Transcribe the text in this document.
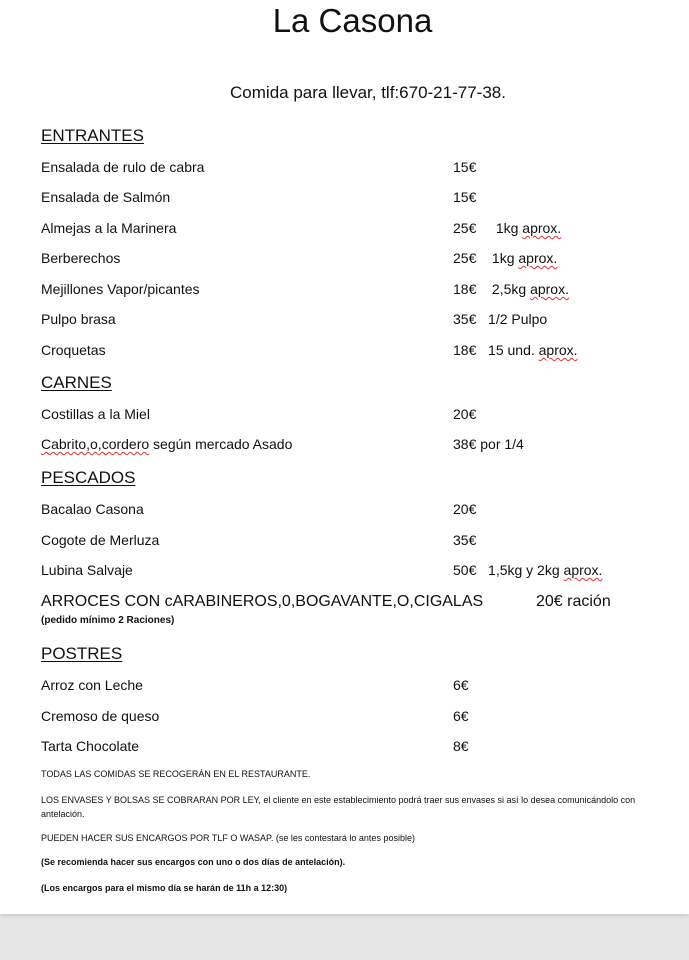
La Casona
Comida para llevar, tlf:670-21-77-38.
ENTRANTES
Ensalada de rulo de cabra	15€
Ensalada de Salmón	15€
Almejas a la Marinera	25€ 1kg aprox.
Berberechos	25€ 1kg aprox.
Mejillones Vapor/picantes	18€ 2,5kg aprox.
Pulpo brasa	35€ 1/2 Pulpo
Croquetas	18€ 15 und. aprox.
CARNES
Costillas a la Miel	20€
Cabrito,o,cordero según mercado Asado	38€ por 1/4
PESCADOS
Bacalao Casona	20€
Cogote de Merluza	35€
Lubina Salvaje	50€ 1,5kg y 2kg aprox.
ARROCES CON cARABINEROS,0,BOGAVANTE,O,CIGALAS	20€ ración
(pedido mínimo 2 Raciones)
POSTRES
Arroz con Leche	6€
Cremoso de queso	6€
Tarta Chocolate	8€
TODAS LAS COMIDAS SE RECOGERÁN EN EL RESTAURANTE.
LOS ENVASES Y BOLSAS SE COBRARAN POR LEY, el cliente en este establecimiento podrá traer sus envases si así lo desea comunicándolo con antelación.
PUEDEN HACER SUS ENCARGOS POR TLF O WASAP. (se les contestará lo antes posible)
(Se recomienda hacer sus encargos con uno o dos días de antelación).
(Los encargos para el mismo día se harán de 11h a 12:30)
